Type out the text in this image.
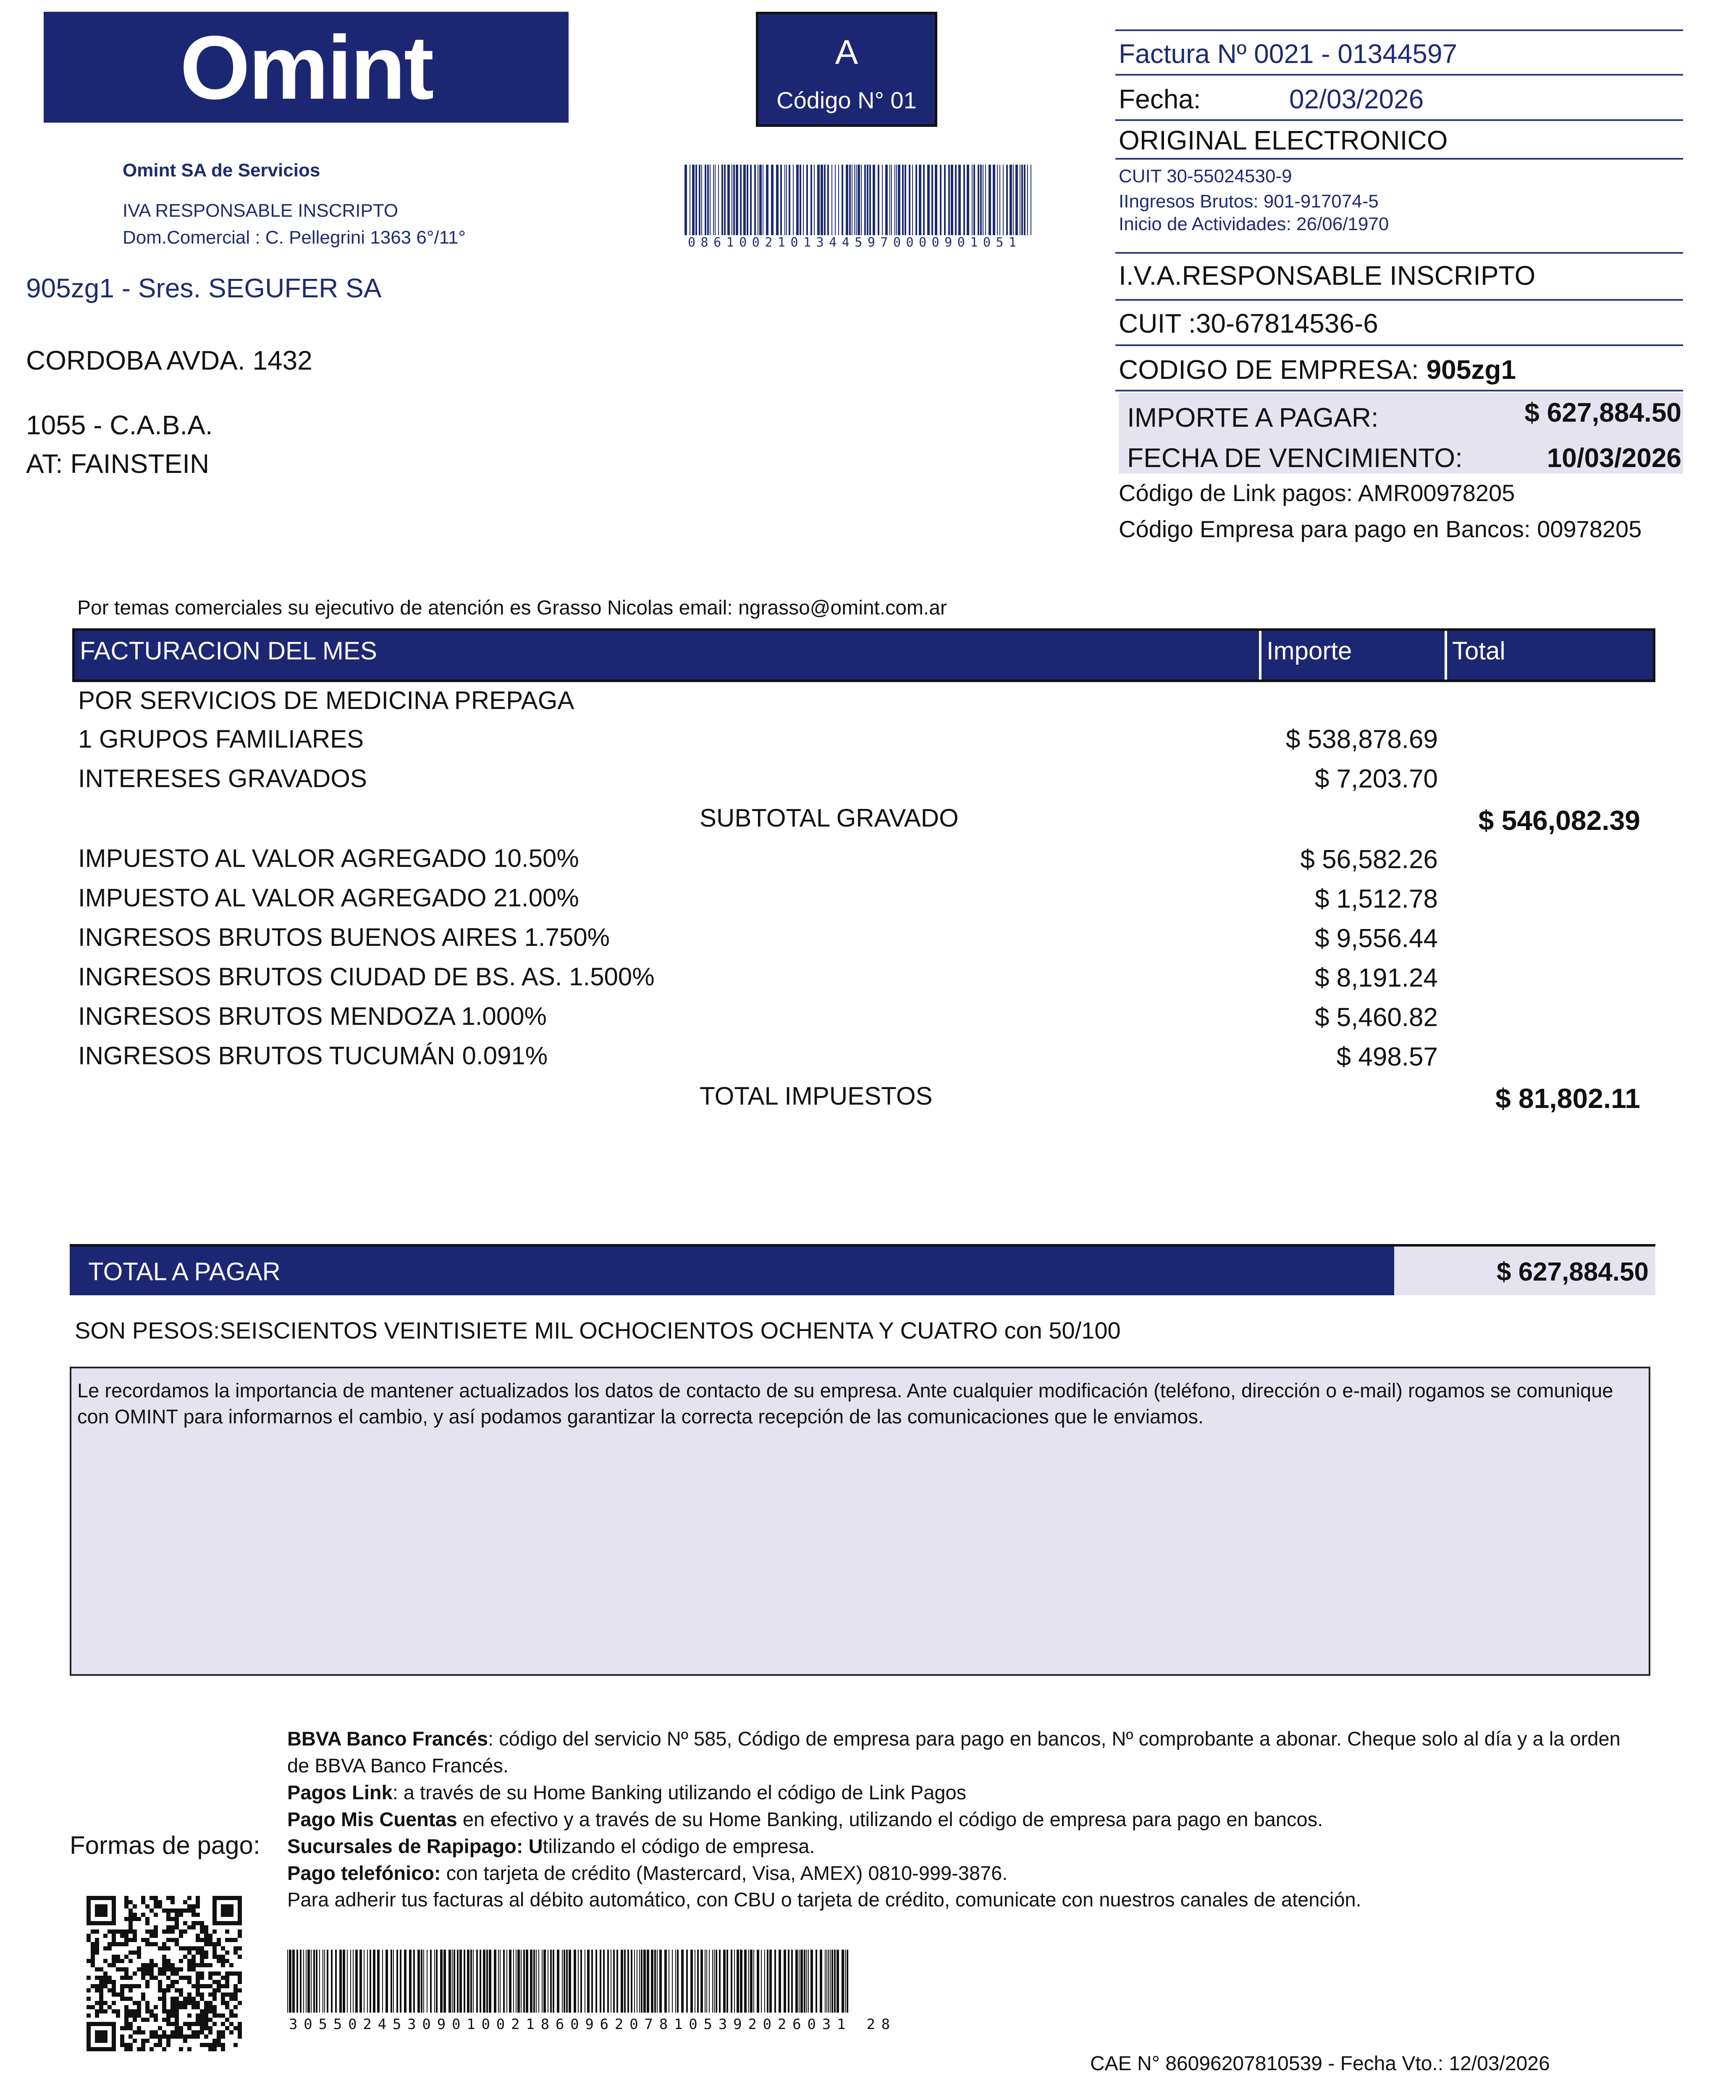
Omint	A
Código N° 01
Omint SA de Servicios
IVA RESPONSABLE INSCRIPTO
Dom.Comercial : C. Pellegrini 1363 6°/11°	08610021013445970000901051
Factura Nº 0021 - 01344597
Fecha:	02/03/2026
ORIGINAL ELECTRONICO
CUIT 30-55024530-9
IIngresos Brutos: 901-917074-5
Inicio de Actividades: 26/06/1970
905zg1 - Sres. SEGUFER SA
CORDOBA AVDA. 1432
1055 - C.A.B.A.
AT: FAINSTEIN
I.V.A.RESPONSABLE INSCRIPTO
CUIT :30-67814536-6
CODIGO DE EMPRESA: 905zg1
IMPORTE A PAGAR:	$ 627,884.50
FECHA DE VENCIMIENTO:	10/03/2026
Código de Link pagos: AMR00978205
Código Empresa para pago en Bancos: 00978205
Por temas comerciales su ejecutivo de atención es Grasso Nicolas email: ngrasso@omint.com.ar
FACTURACION DEL MES	Importe	Total
POR SERVICIOS DE MEDICINA PREPAGA
1 GRUPOS FAMILIARES	$ 538,878.69
INTERESES GRAVADOS	$ 7,203.70
SUBTOTAL GRAVADO	$ 546,082.39
IMPUESTO AL VALOR AGREGADO 10.50%	$ 56,582.26
IMPUESTO AL VALOR AGREGADO 21.00%	$ 1,512.78
INGRESOS BRUTOS BUENOS AIRES 1.750%	$ 9,556.44
INGRESOS BRUTOS CIUDAD DE BS. AS. 1.500%	$ 8,191.24
INGRESOS BRUTOS MENDOZA 1.000%	$ 5,460.82
INGRESOS BRUTOS TUCUMÁN 0.091%	$ 498.57
TOTAL IMPUESTOS	$ 81,802.11
TOTAL A PAGAR	$ 627,884.50
SON PESOS:SEISCIENTOS VEINTISIETE MIL OCHOCIENTOS OCHENTA Y CUATRO con 50/100
Le recordamos la importancia de mantener actualizados los datos de contacto de su empresa. Ante cualquier modificación (teléfono, dirección o e-mail) rogamos se comunique con OMINT para informarnos el cambio, y así podamos garantizar la correcta recepción de las comunicaciones que le enviamos.
Formas de pago:
BBVA Banco Francés: código del servicio Nº 585, Código de empresa para pago en bancos, Nº comprobante a abonar. Cheque solo al día y a la orden de BBVA Banco Francés.
Pagos Link: a través de su Home Banking utilizando el código de Link Pagos
Pago Mis Cuentas en efectivo y a través de su Home Banking, utilizando el código de empresa para pago en bancos.
Sucursales de Rapipago: Utilizando el código de empresa.
Pago telefónico: con tarjeta de crédito (Mastercard, Visa, AMEX) 0810-999-3876.
Para adherir tus facturas al débito automático, con CBU o tarjeta de crédito, comunicate con nuestros canales de atención.
30550245309010021860962078105392026031 28
CAE N° 86096207810539 - Fecha Vto.: 12/03/2026
